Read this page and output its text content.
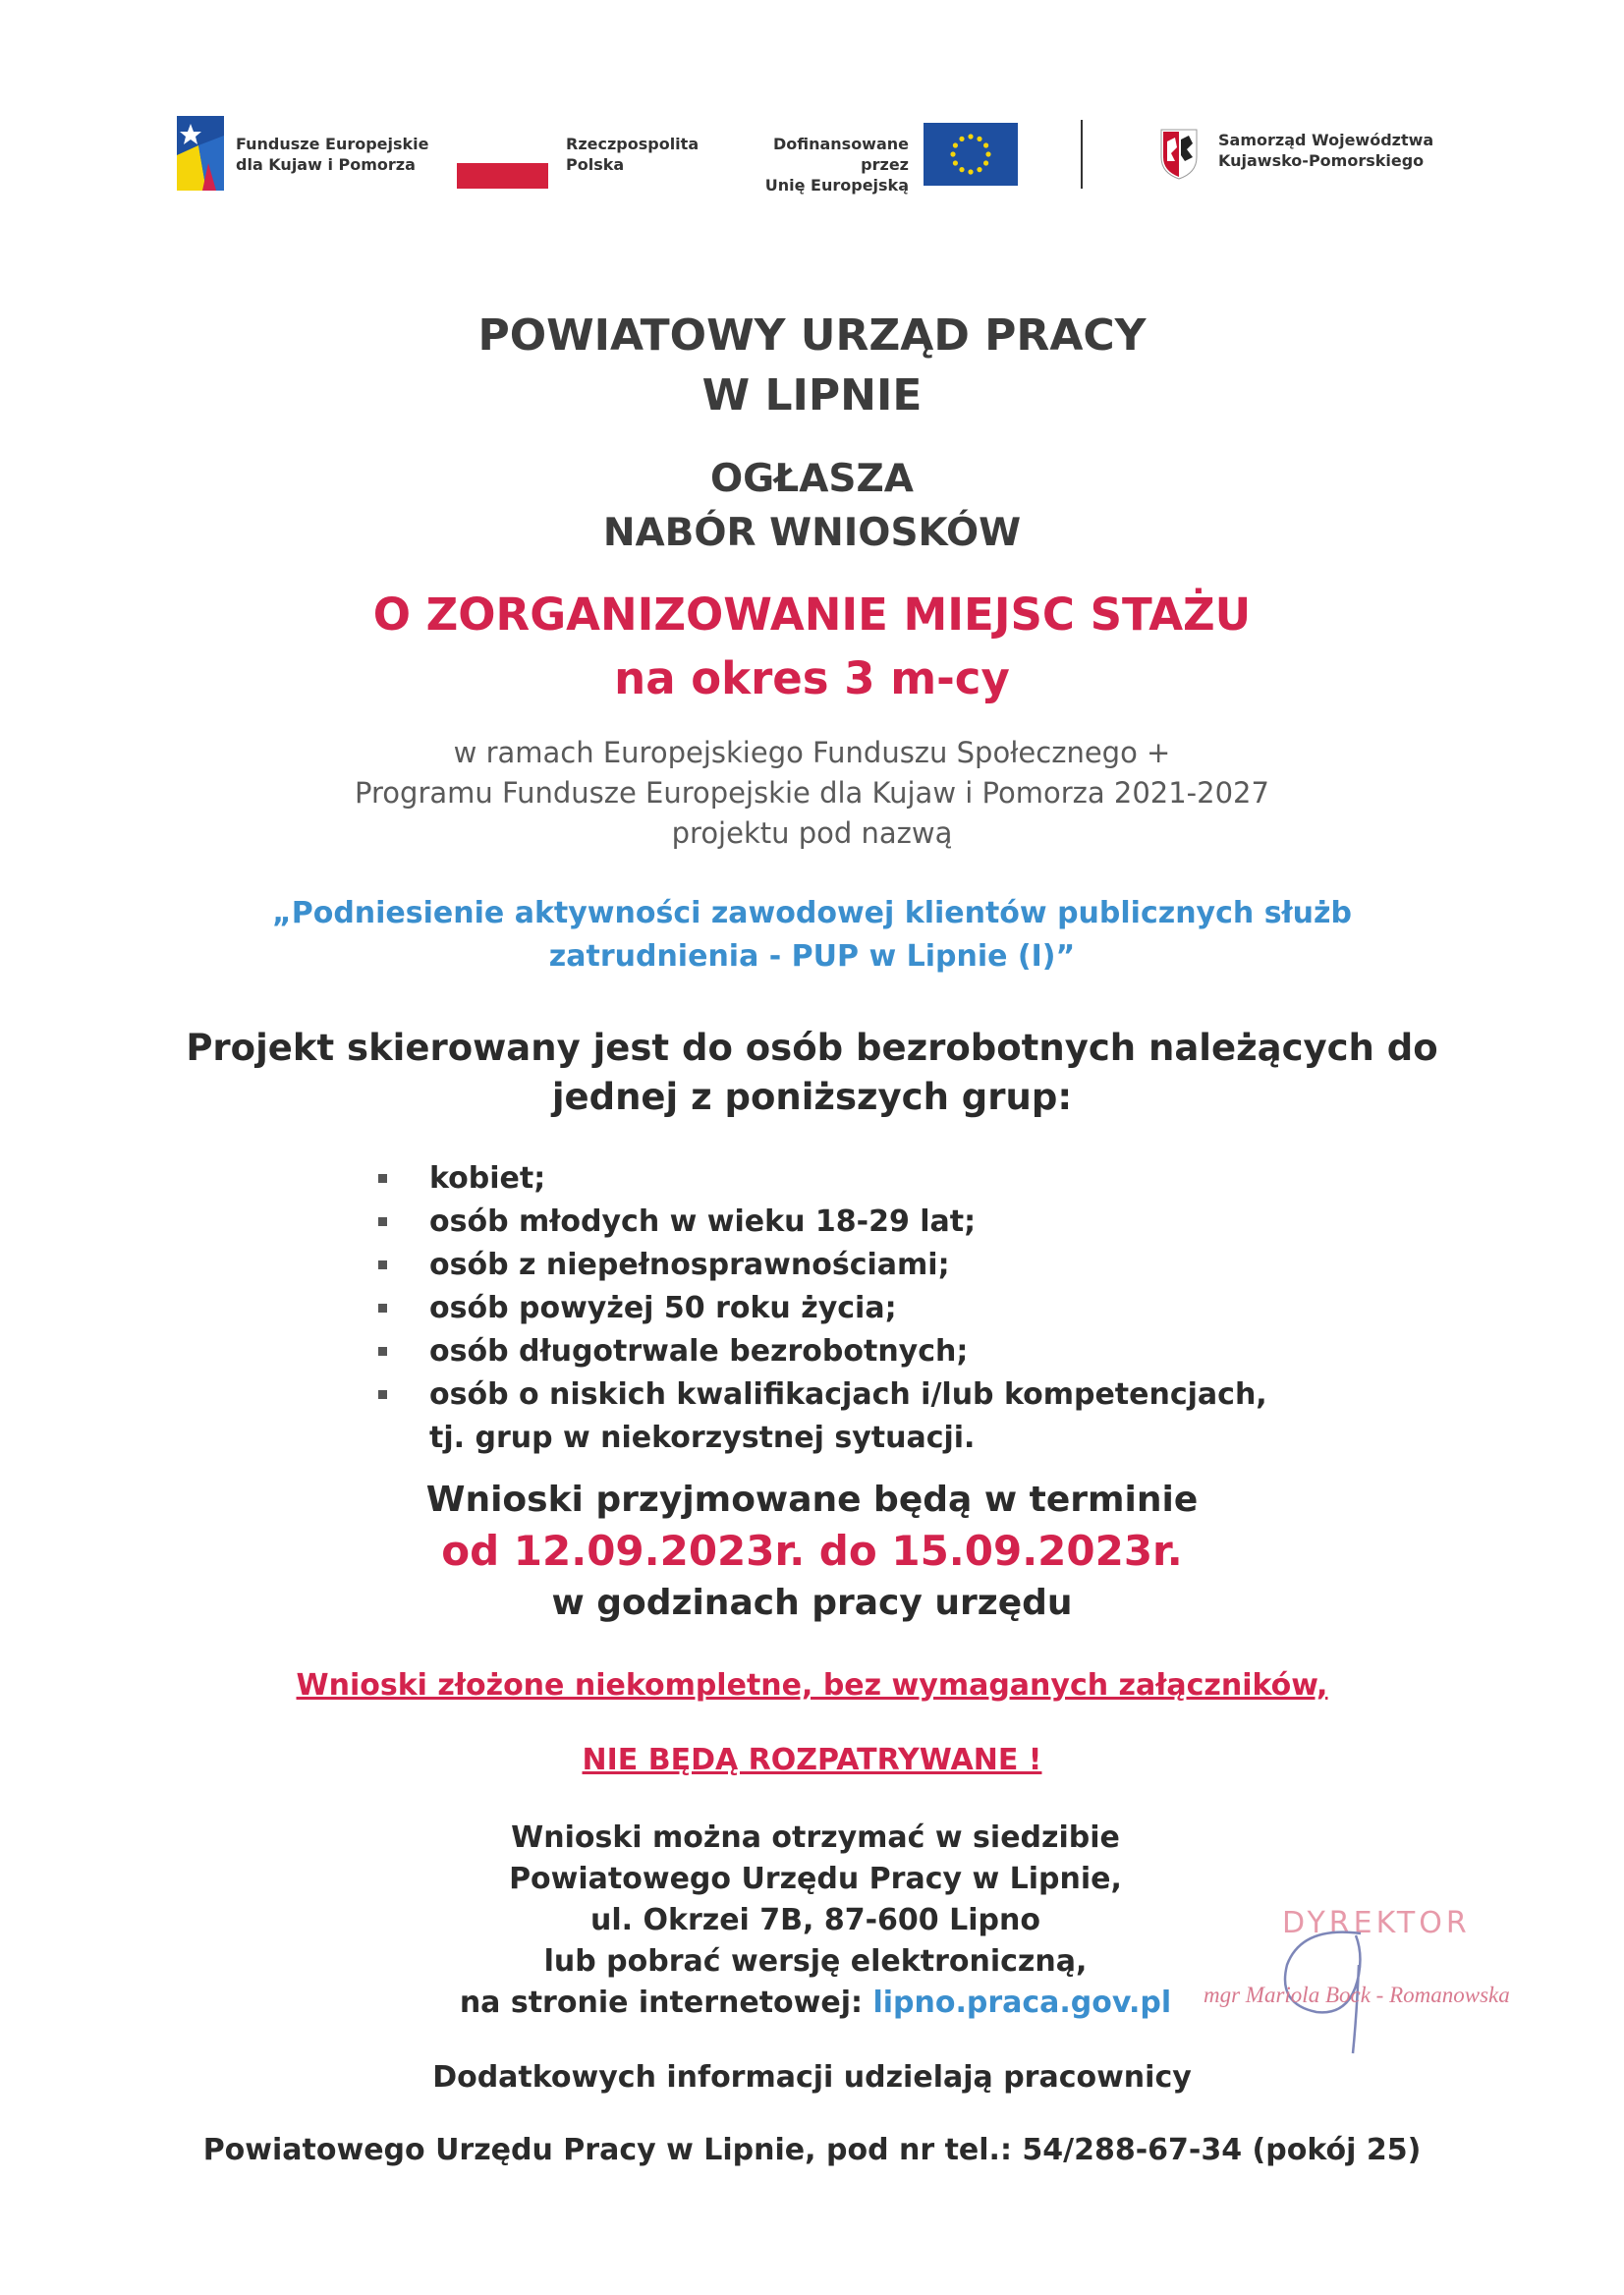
Fundusze Europejskie
dla Kujaw i Pomorza
Rzeczpospolita
Polska
Dofinansowane przez
Unię Europejską
Samorząd Województwa
Kujawsko-Pomorskiego
POWIATOWY URZĄD PRACY
W LIPNIE
OGŁASZA
NABÓR WNIOSKÓW
O ZORGANIZOWANIE MIEJSC STAŻU
na okres 3 m-cy
w ramach Europejskiego Funduszu Społecznego +
Programu Fundusze Europejskie dla Kujaw i Pomorza 2021-2027
projektu pod nazwą
„Podniesienie aktywności zawodowej klientów publicznych służb
zatrudnienia - PUP w Lipnie (I)”
Projekt skierowany jest do osób bezrobotnych należących do
jednej z poniższych grup:
kobiet;
osób młodych w wieku 18-29 lat;
osób z niepełnosprawnościami;
osób powyżej 50 roku życia;
osób długotrwale bezrobotnych;
osób o niskich kwalifikacjach i/lub kompetencjach,
tj. grup w niekorzystnej sytuacji.
Wnioski przyjmowane będą w terminie
od 12.09.2023r. do 15.09.2023r.
w godzinach pracy urzędu
Wnioski złożone niekompletne, bez wymaganych załączników,
NIE BĘDĄ ROZPATRYWANE !
Wnioski można otrzymać w siedzibie
Powiatowego Urzędu Pracy w Lipnie,
ul. Okrzei 7B, 87-600 Lipno
lub pobrać wersję elektroniczną,
na stronie internetowej: lipno.praca.gov.pl
DYREKTOR
mgr Mariola Bock - Romanowska
Dodatkowych informacji udzielają pracownicy
Powiatowego Urzędu Pracy w Lipnie, pod nr tel.: 54/288-67-34 (pokój 25)
